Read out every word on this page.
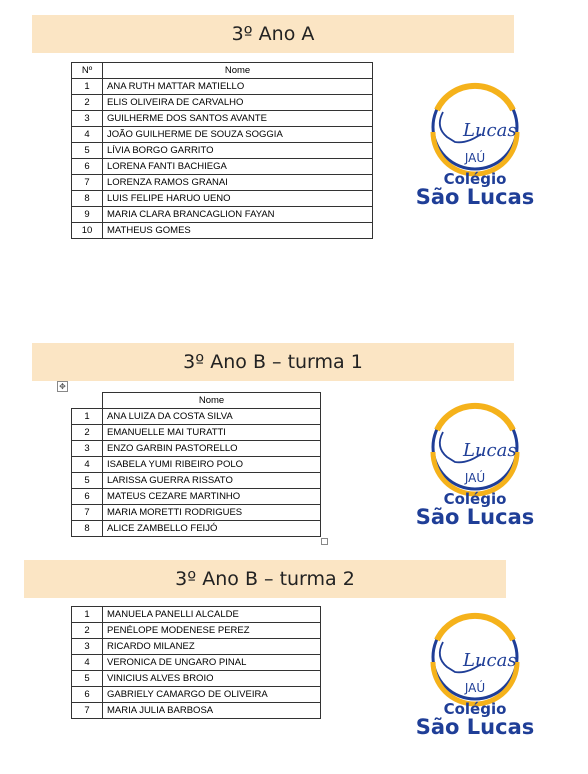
3º Ano A
Nº	Nome
1	ANA RUTH MATTAR MATIELLO
2	ELIS OLIVEIRA DE CARVALHO
3	GUILHERME DOS SANTOS AVANTE
4	JOÃO GUILHERME DE SOUZA SOGGIA
5	LÍVIA BORGO GARRITO
6	LORENA FANTI BACHIEGA
7	LORENZA RAMOS GRANAI
8	LUIS FELIPE HARUO UENO
9	MARIA CLARA BRANCAGLION FAYAN
10	MATHEUS GOMES
3º Ano B – turma 1
✥
	Nome
1	ANA LUIZA DA COSTA SILVA
2	EMANUELLE MAI TURATTI
3	ENZO GARBIN PASTORELLO
4	ISABELA YUMI RIBEIRO POLO
5	LARISSA GUERRA RISSATO
6	MATEUS CEZARE MARTINHO
7	MARIA MORETTI RODRIGUES
8	ALICE ZAMBELLO FEIJÓ
3º Ano B – turma 2
1	MANUELA PANELLI ALCALDE
2	PENÉLOPE MODENESE PEREZ
3	RICARDO MILANEZ
4	VERONICA DE UNGARO PINAL
5	VINICIUS ALVES BROIO
6	GABRIELY CAMARGO DE OLIVEIRA
7	MARIA JULIA BARBOSA
Lucas
JAÚ
Colégio
São Lucas
Lucas
JAÚ
Colégio
São Lucas
Lucas
JAÚ
Colégio
São Lucas
